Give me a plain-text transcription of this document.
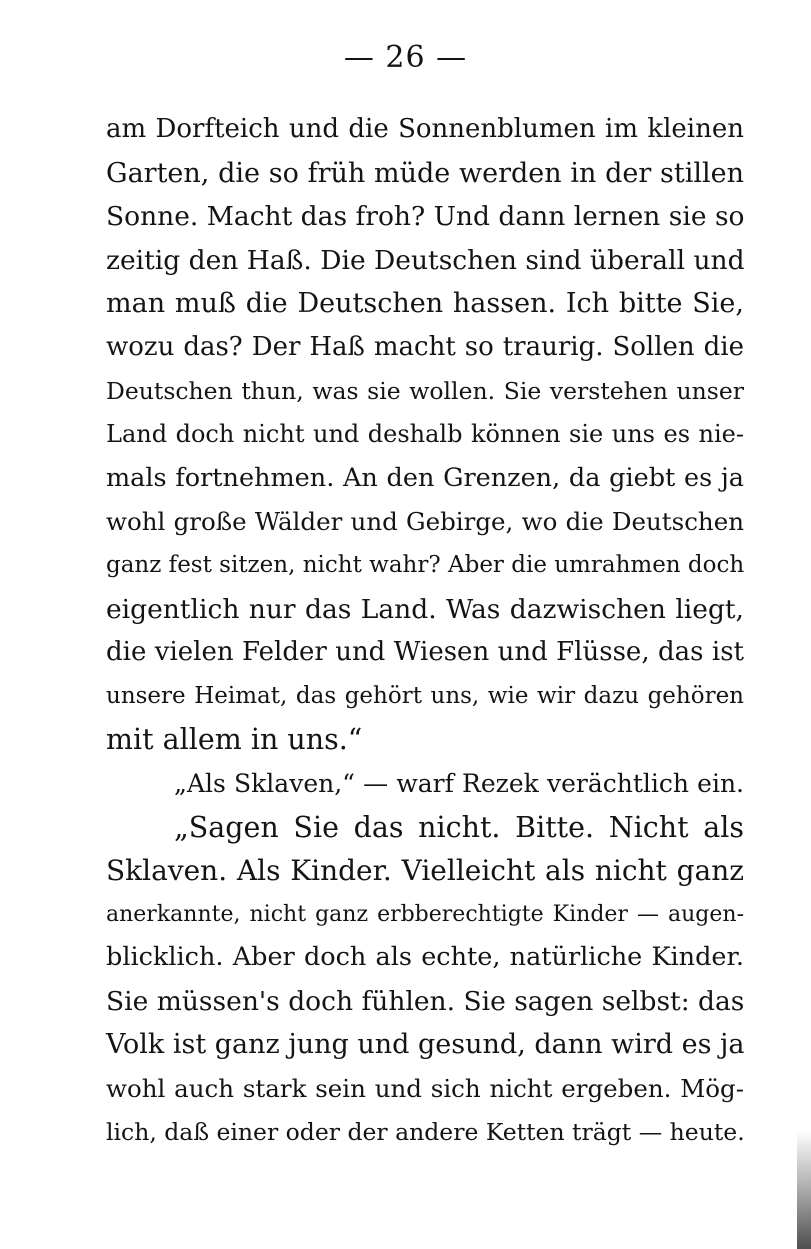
— 26 —
am Dorfteich und die Sonnenblumen im kleinen
Garten, die so früh müde werden in der stillen
Sonne. Macht das froh? Und dann lernen sie so
zeitig den Haß. Die Deutschen sind überall und
man muß die Deutschen hassen. Ich bitte Sie,
wozu das? Der Haß macht so traurig. Sollen die
Deutschen thun, was sie wollen. Sie verstehen unser
Land doch nicht und deshalb können sie uns es nie-
mals fortnehmen. An den Grenzen, da giebt es ja
wohl große Wälder und Gebirge, wo die Deutschen
ganz fest sitzen, nicht wahr? Aber die umrahmen doch
eigentlich nur das Land. Was dazwischen liegt,
die vielen Felder und Wiesen und Flüsse, das ist
unsere Heimat, das gehört uns, wie wir dazu gehören
mit allem in uns.“
„Als Sklaven,“ — warf Rezek verächtlich ein.
„Sagen Sie das nicht. Bitte. Nicht als
Sklaven. Als Kinder. Vielleicht als nicht ganz
anerkannte, nicht ganz erbberechtigte Kinder — augen-
blicklich. Aber doch als echte, natürliche Kinder.
Sie müssen's doch fühlen. Sie sagen selbst: das
Volk ist ganz jung und gesund, dann wird es ja
wohl auch stark sein und sich nicht ergeben. Mög-
lich, daß einer oder der andere Ketten trägt — heute.
